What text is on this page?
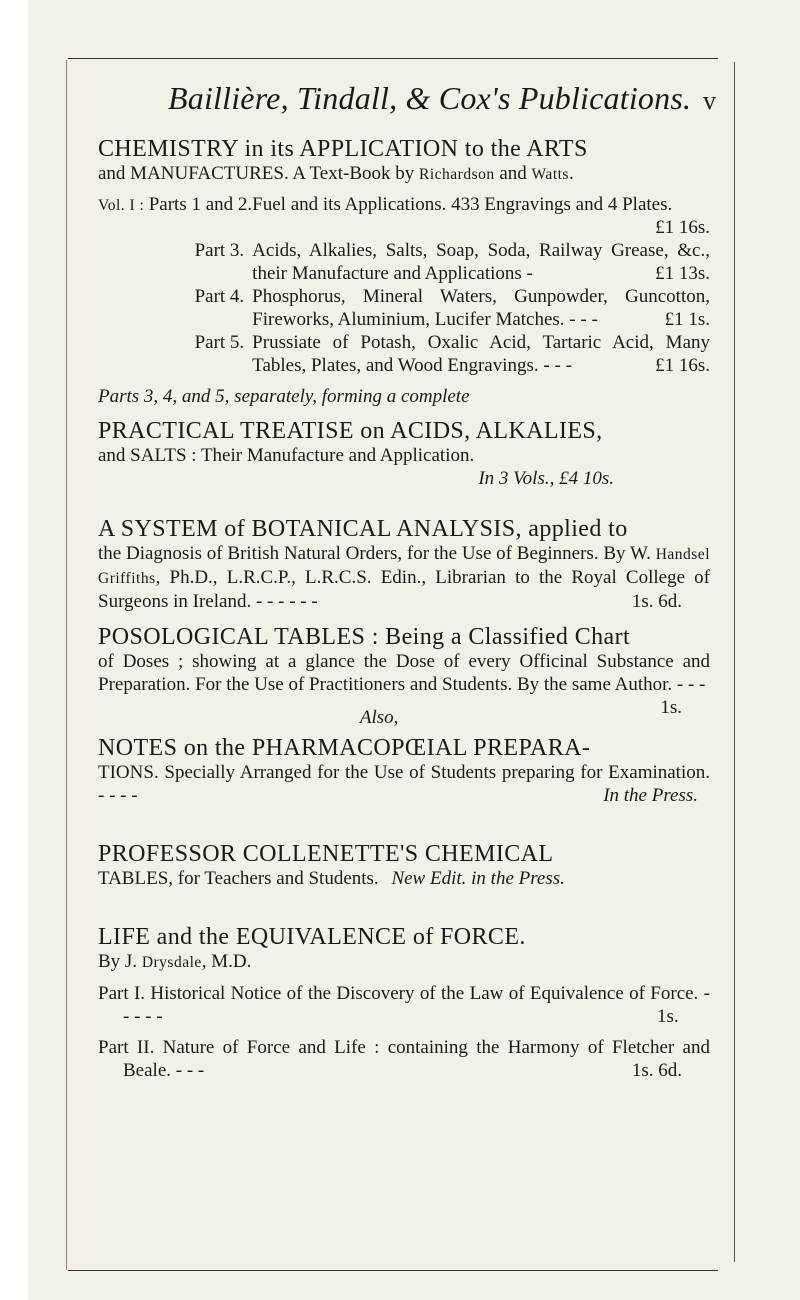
Baillière, Tindall, & Cox's Publications. v
CHEMISTRY in its APPLICATION to the ARTS
and MANUFACTURES. A Text-Book by Richardson and Watts.
Vol. I : Parts 1 and 2.	Fuel and its Applications. 433 Engravings and 4 Plates.
£1 16s.

Part 3.	Acids, Alkalies, Salts, Soap, Soda, Railway Grease, &c., their Manufacture and Applications -	£1 13s.

Part 4.	Phosphorus, Mineral Waters, Gunpowder, Guncotton, Fireworks, Aluminium, Lucifer Matches. - - -	£1 1s.

Part 5.	Prussiate of Potash, Oxalic Acid, Tartaric Acid, Many Tables, Plates, and Wood Engravings. - - -	£1 16s.
Parts 3, 4, and 5, separately, forming a complete
PRACTICAL TREATISE on ACIDS, ALKALIES,
and SALTS : Their Manufacture and Application.
In 3 Vols., £4 10s.
A SYSTEM of BOTANICAL ANALYSIS, applied to
the Diagnosis of British Natural Orders, for the Use of Beginners. By W. Handsel Griffiths, Ph.D., L.R.C.P., L.R.C.S. Edin., Librarian to the Royal College of Surgeons in Ireland. - - - - - -	1s. 6d.
POSOLOGICAL TABLES : Being a Classified Chart
of Doses ; showing at a glance the Dose of every Officinal Substance and Preparation. For the Use of Practitioners and Students. By the same Author. - - -
1s.
Also,
NOTES on the PHARMACOPŒIAL PREPARA-
TIONS. Specially Arranged for the Use of Students preparing for Examination. - - - -	In the Press.
PROFESSOR COLLENETTE'S CHEMICAL
TABLES, for Teachers and Students. New Edit. in the Press.
LIFE and the EQUIVALENCE of FORCE.
By J. Drysdale, M.D.
Part I. Historical Notice of the Discovery of the Law of Equivalence of Force. - - - - -	1s.
Part II. Nature of Force and Life : containing the Harmony of Fletcher and Beale. - - -	1s. 6d.
